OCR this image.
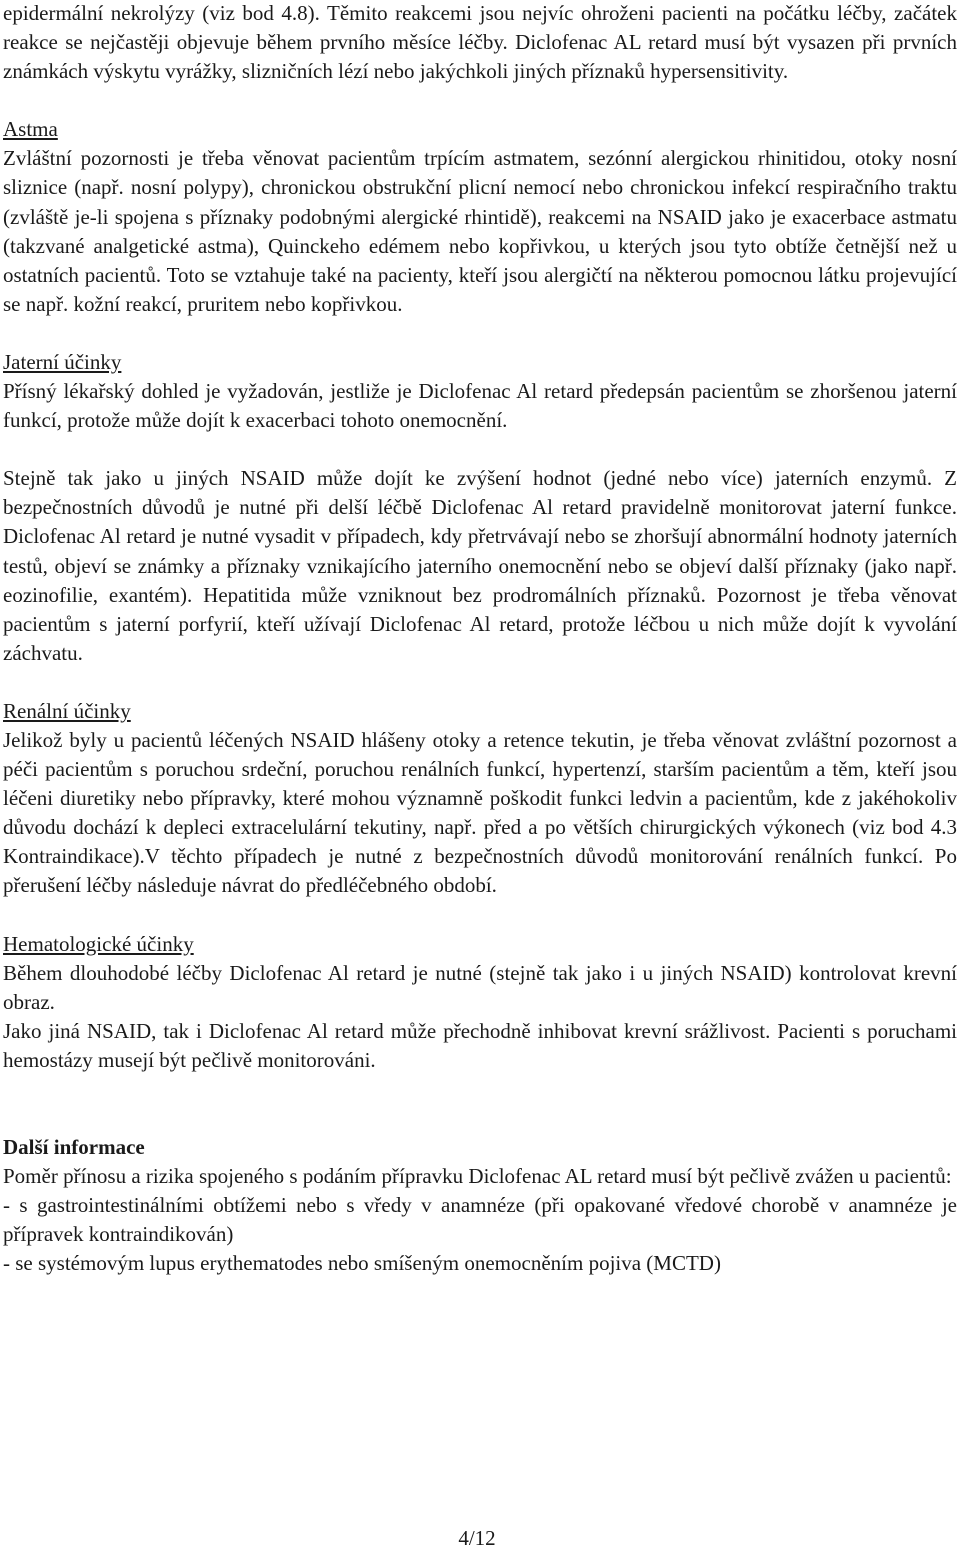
epidermální nekrolýzy (viz bod 4.8). Těmito reakcemi jsou nejvíc ohroženi pacienti na počátku léčby, začátek reakce se nejčastěji objevuje během prvního měsíce léčby. Diclofenac AL retard musí být vysazen při prvních známkách výskytu vyrážky, slizničních lézí nebo jakýchkoli jiných příznaků hypersensitivity.

Astma

Zvláštní pozornosti je třeba věnovat pacientům trpícím astmatem, sezónní alergickou rhinitidou, otoky nosní sliznice (např. nosní polypy), chronickou obstrukční plicní nemocí nebo chronickou infekcí respiračního traktu (zvláště je-li spojena s příznaky podobnými alergické rhintidě), reakcemi na NSAID jako je exacerbace astmatu (takzvané analgetické astma), Quinckeho edémem nebo kopřivkou, u kterých jsou tyto obtíže četnější než u ostatních pacientů. Toto se vztahuje také na pacienty, kteří jsou alergičtí na některou pomocnou látku projevující se např. kožní reakcí, pruritem nebo kopřivkou.

Jaterní účinky

Přísný lékařský dohled je vyžadován, jestliže je Diclofenac Al retard předepsán pacientům se zhoršenou jaterní funkcí, protože může dojít k exacerbaci tohoto onemocnění.

Stejně tak jako u jiných NSAID může dojít ke zvýšení hodnot (jedné nebo více) jaterních enzymů. Z bezpečnostních důvodů je nutné při delší léčbě Diclofenac Al retard pravidelně monitorovat jaterní funkce. Diclofenac Al retard je nutné vysadit v případech, kdy přetrvávají nebo se zhoršují abnormální hodnoty jaterních testů, objeví se známky a příznaky vznikajícího jaterního onemocnění nebo se objeví další příznaky (jako např. eozinofilie, exantém). Hepatitida může vzniknout bez prodromálních příznaků. Pozornost je třeba věnovat pacientům s jaterní porfyrií, kteří užívají Diclofenac Al retard, protože léčbou u nich může dojít k vyvolání záchvatu.

Renální účinky

Jelikož byly u pacientů léčených NSAID hlášeny otoky a retence tekutin, je třeba věnovat zvláštní pozornost a péči pacientům s poruchou srdeční, poruchou renálních funkcí, hypertenzí, starším pacientům a těm, kteří jsou léčeni diuretiky nebo přípravky, které mohou významně poškodit funkci ledvin a pacientům, kde z jakéhokoliv důvodu dochází k depleci extracelulární tekutiny, např. před a po větších chirurgických výkonech (viz bod 4.3 Kontraindikace).V těchto případech je nutné z bezpečnostních důvodů monitorování renálních funkcí. Po přerušení léčby následuje návrat do předléčebného období.

Hematologické účinky

Během dlouhodobé léčby Diclofenac Al retard je nutné (stejně tak jako i u jiných NSAID) kontrolovat krevní obraz.

Jako jiná NSAID, tak i Diclofenac Al retard může přechodně inhibovat krevní srážlivost. Pacienti s poruchami hemostázy musejí být pečlivě monitorováni.

Další informace

Poměr přínosu a rizika spojeného s podáním přípravku Diclofenac AL retard musí být pečlivě zvážen u pacientů:

- s gastrointestinálními obtížemi nebo s vředy v anamnéze (při opakované vředové chorobě v anamnéze je přípravek kontraindikován)

- se systémovým lupus erythematodes nebo smíšeným onemocněním pojiva (MCTD)

4/12
